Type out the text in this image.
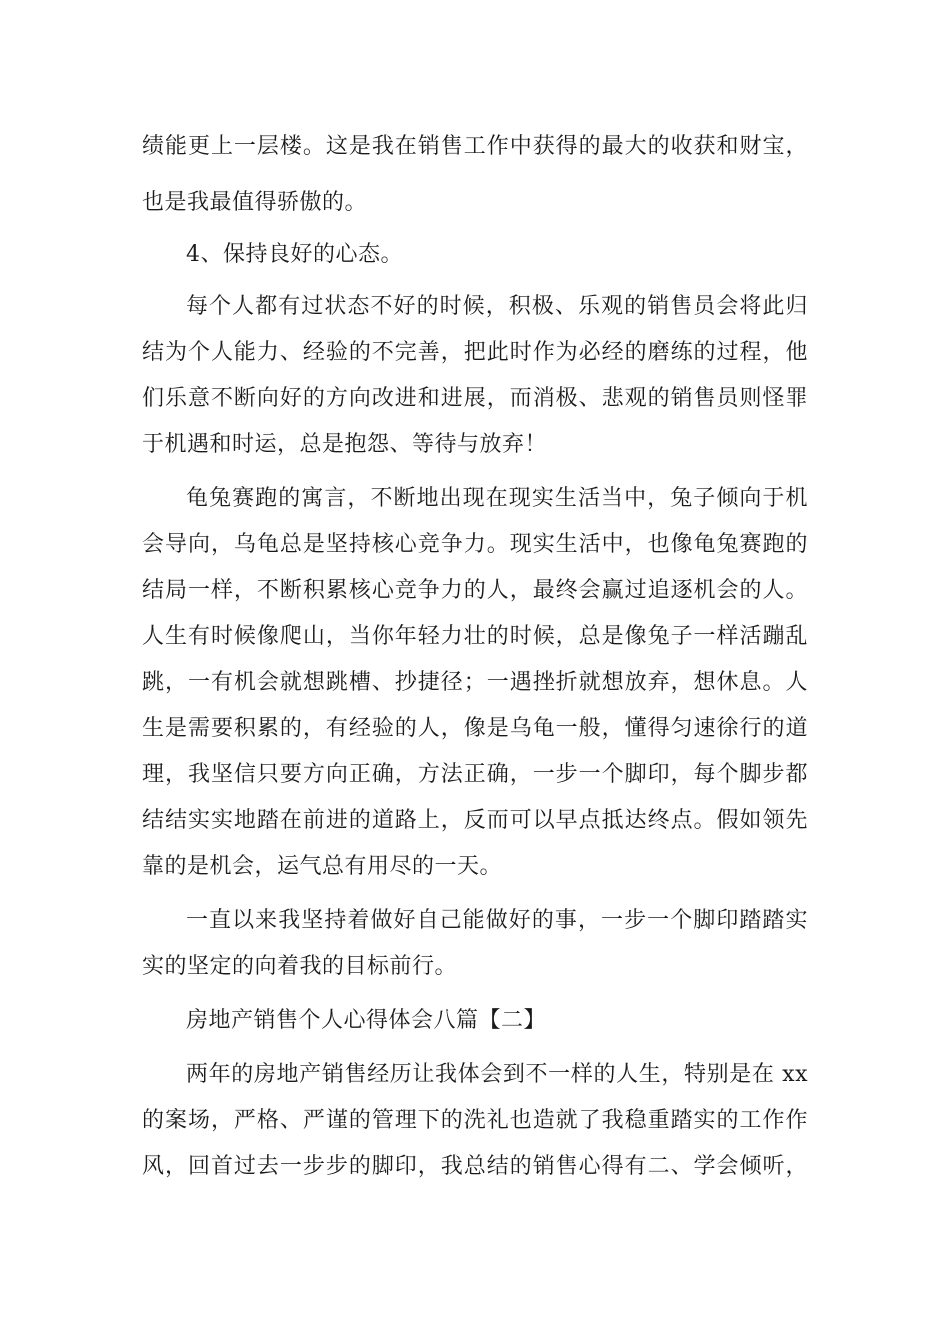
绩能更上一层楼。这是我在销售工作中获得的最大的收获和财宝，
也是我最值得骄傲的。
4、保持良好的心态。
每个人都有过状态不好的时候，积极、乐观的销售员会将此归
结为个人能力、经验的不完善，把此时作为必经的磨练的过程，他
们乐意不断向好的方向改进和进展，而消极、悲观的销售员则怪罪
于机遇和时运，总是抱怨、等待与放弃！
龟兔赛跑的寓言，不断地出现在现实生活当中，兔子倾向于机
会导向，乌龟总是坚持核心竞争力。现实生活中，也像龟兔赛跑的
结局一样，不断积累核心竞争力的人，最终会赢过追逐机会的人。
人生有时候像爬山，当你年轻力壮的时候，总是像兔子一样活蹦乱
跳，一有机会就想跳槽、抄捷径；一遇挫折就想放弃，想休息。人
生是需要积累的，有经验的人，像是乌龟一般，懂得匀速徐行的道
理，我坚信只要方向正确，方法正确，一步一个脚印，每个脚步都
结结实实地踏在前进的道路上，反而可以早点抵达终点。假如领先
靠的是机会，运气总有用尽的一天。
一直以来我坚持着做好自己能做好的事，一步一个脚印踏踏实
实的坚定的向着我的目标前行。
房地产销售个人心得体会八篇【二】
两年的房地产销售经历让我体会到不一样的人生，特别是在 xx
的案场，严格、严谨的管理下的洗礼也造就了我稳重踏实的工作作
风，回首过去一步步的脚印，我总结的销售心得有二、学会倾听，
